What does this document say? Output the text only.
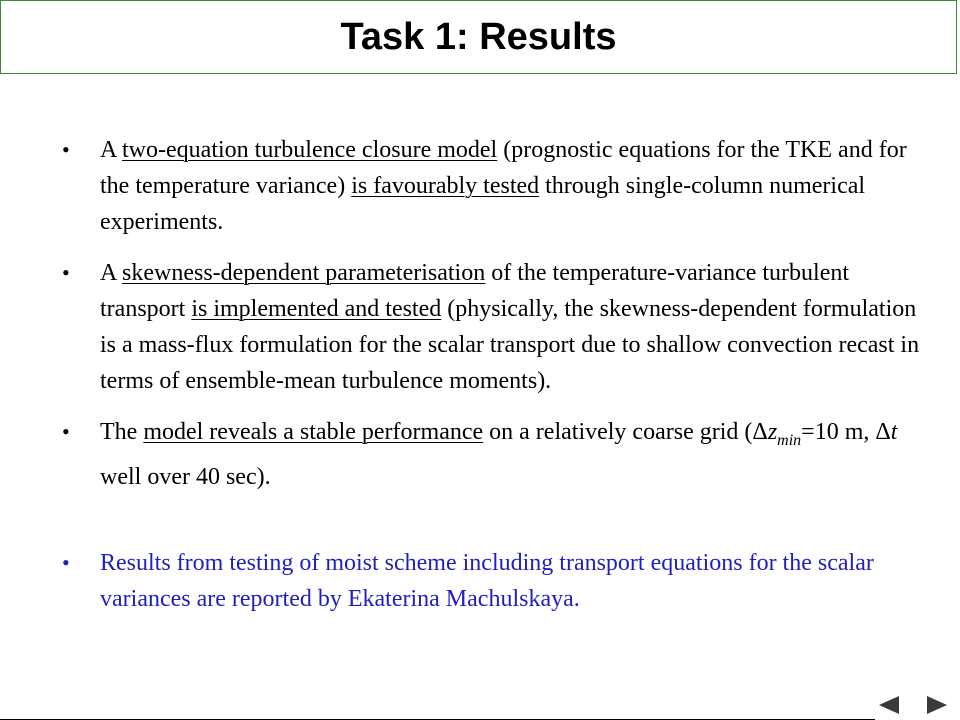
Task 1: Results
• A two-equation turbulence closure model (prognostic equations for the TKE and for the temperature variance) is favourably tested through single-column numerical experiments.
• A skewness-dependent parameterisation of the temperature-variance turbulent transport is implemented and tested (physically, the skewness-dependent formulation is a mass-flux formulation for the scalar transport due to shallow convection recast in terms of ensemble-mean turbulence moments).
• The model reveals a stable performance on a relatively coarse grid ($\Delta z_{min}=10$ m, Δt well over 40 sec).
• Results from testing of moist scheme including transport equations for the scalar variances are reported by Ekaterina Machulskaya.
